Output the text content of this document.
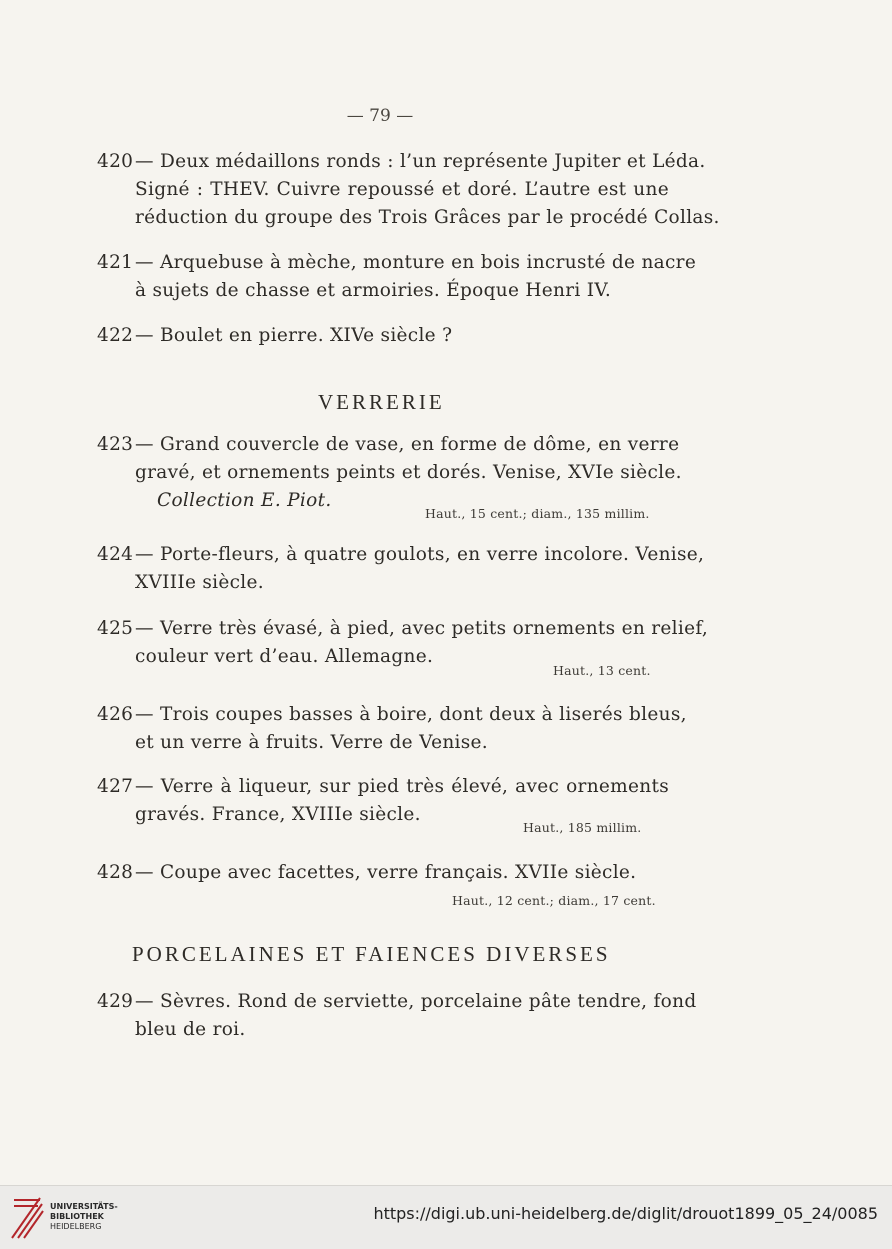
— 79 —
420 — Deux médaillons ronds : l’un représente Jupiter et Léda.
Signé : THEV. Cuivre repoussé et doré. L’autre est une
réduction du groupe des Trois Grâces par le procédé Collas.
421 — Arquebuse à mèche, monture en bois incrusté de nacre
à sujets de chasse et armoiries. Époque Henri IV.
422 — Boulet en pierre. XIVe siècle ?
VERRERIE
423 — Grand couvercle de vase, en forme de dôme, en verre
gravé, et ornements peints et dorés. Venise, XVIe siècle.
Collection E. Piot.
Haut., 15 cent.; diam., 135 millim.
424 — Porte-fleurs, à quatre goulots, en verre incolore. Venise,
XVIIIe siècle.
425 — Verre très évasé, à pied, avec petits ornements en relief,
couleur vert d’eau. Allemagne.
Haut., 13 cent.
426 — Trois coupes basses à boire, dont deux à liserés bleus,
et un verre à fruits. Verre de Venise.
427 — Verre à liqueur, sur pied très élevé, avec ornements
gravés. France, XVIIIe siècle.
Haut., 185 millim.
428 — Coupe avec facettes, verre français. XVIIe siècle.
Haut., 12 cent.; diam., 17 cent.
PORCELAINES ET FAIENCES DIVERSES
429 — Sèvres. Rond de serviette, porcelaine pâte tendre, fond
bleu de roi.
UNIVERSITÄTS-
BIBLIOTHEK
HEIDELBERG
https://digi.ub.uni-heidelberg.de/diglit/drouot1899_05_24/0085
